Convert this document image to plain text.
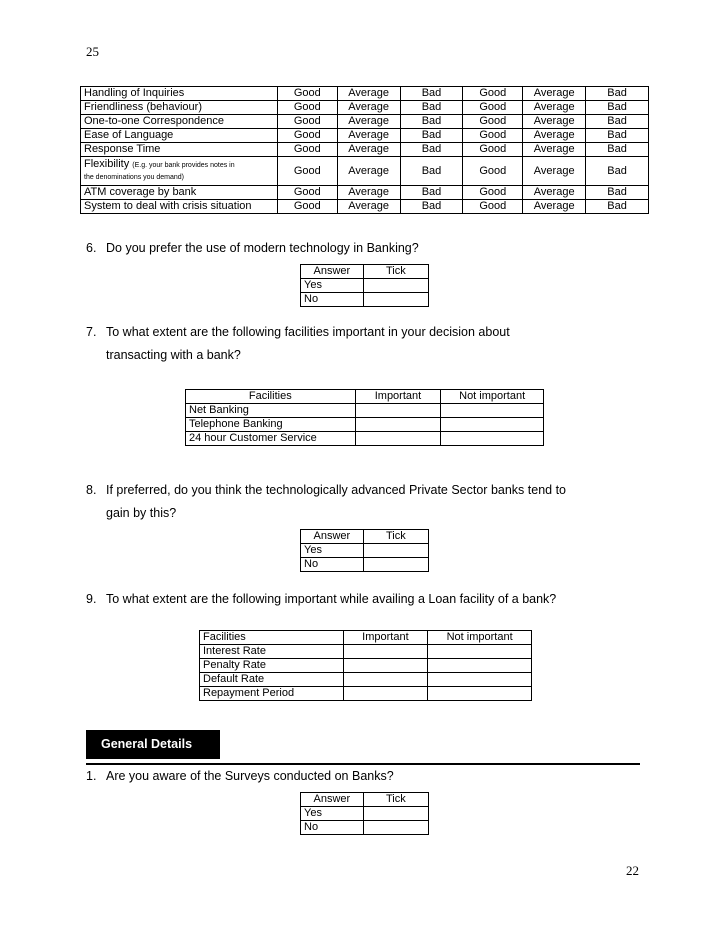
25
Handling of Inquiries	Good	Average	Bad	Good	Average	Bad
Friendliness (behaviour)	Good	Average	Bad	Good	Average	Bad
One-to-one Correspondence	Good	Average	Bad	Good	Average	Bad
Ease of Language	Good	Average	Bad	Good	Average	Bad
Response Time	Good	Average	Bad	Good	Average	Bad
Flexibility (E.g. your bank provides notes in
the denominations you demand)	Good	Average	Bad	Good	Average	Bad
ATM coverage by bank	Good	Average	Bad	Good	Average	Bad
System to deal with crisis situation	Good	Average	Bad	Good	Average	Bad
6. Do you prefer the use of modern technology in Banking?
Answer	Tick
Yes	
No	
7. To what extent are the following facilities important in your decision about
transacting with a bank?
Facilities	Important	Not important
Net Banking		
Telephone Banking		
24 hour Customer Service		
8. If preferred, do you think the technologically advanced Private Sector banks tend to
gain by this?
Answer	Tick
Yes	
No	
9. To what extent are the following important while availing a Loan facility of a bank?
Facilities	Important	Not important
Interest Rate		
Penalty Rate		
Default Rate		
Repayment Period		
General Details
1. Are you aware of the Surveys conducted on Banks?
Answer	Tick
Yes	
No	
22
